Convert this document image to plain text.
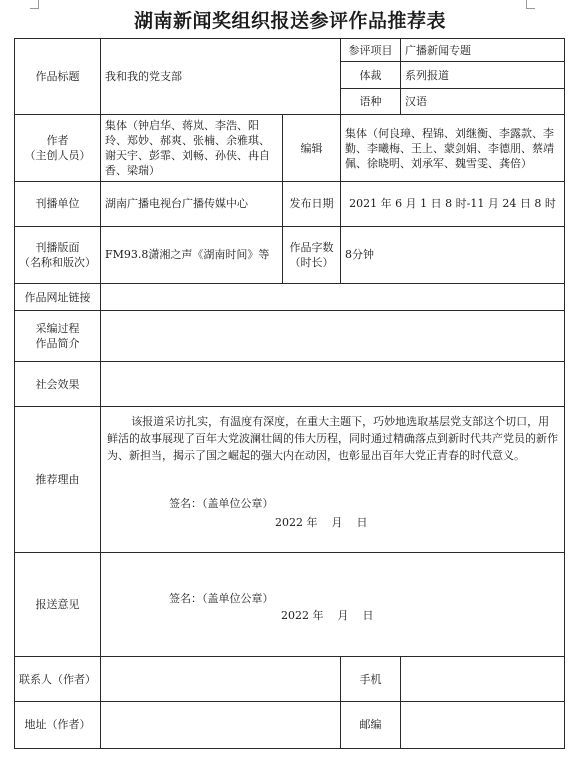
湖南新闻奖组织报送参评作品推荐表
作品标题	我和我的党支部		参评项目	广播新闻专题
			体裁	系列报道
			语种	汉语
作者
（主创人员）	集体（钟启华、蒋岚、李浩、阳玲、郑妙、郝爽、张楠、余雅琪、谢天宇、彭霏、刘畅、孙侠、冉自香、梁瑞）	编辑	集体（何良璋、程锦、刘继衡、李露款、李勤、李曦梅、王上、蒙剑娟、李德朋、蔡靖佩、徐晓明、刘承军、魏雪雯、龚倍）	
刊播单位	湖南广播电视台广播传媒中心	发布日期	2021 年 6 月 1 日 8 时-11 月 24 日 8 时	
刊播版面
（名称和版次）	FM93.8潇湘之声《湖南时间》等	作品字数
（时长）	8分钟	
作品网址链接				
采编过程
作品简介				
社会效果				
推荐理由	该报道采访扎实，有温度有深度，在重大主题下，巧妙地选取基层党支部这个切口，用鲜活的故事展现了百年大党波澜壮阔的伟大历程，同时通过精确落点到新时代共产党员的新作为、新担当，揭示了国之崛起的强大内在动因，也彰显出百年大党正青春的时代意义。
签名：（盖单位公章）
2022 年    月    日			

报送意见	签名：（盖单位公章）
2022 年    月    日			

联系人（作者）			手机	
地址（作者）			邮编	
